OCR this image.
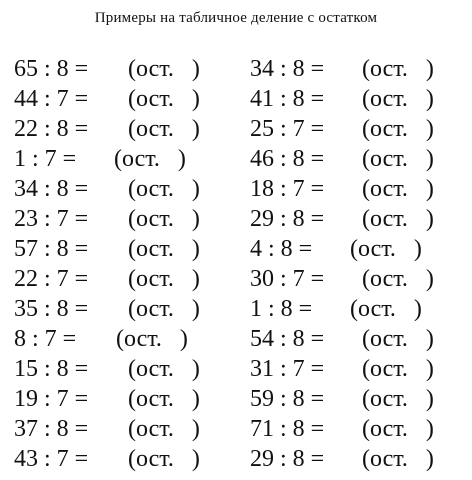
Примеры на табличное деление с остатком
65 : 8 = (ост.   ) 34 : 8 = (ост.   )
44 : 7 = (ост.   ) 41 : 8 = (ост.   )
22 : 8 = (ост.   ) 25 : 7 = (ост.   )
1 : 7 = (ост.   )	46 : 8 = (ост.   )
34 : 8 = (ост.   ) 18 : 7 = (ост.   )
23 : 7 = (ост.   ) 29 : 8 = (ост.   )
57 : 8 = (ост.   ) 4 : 8 = (ост.   )
22 : 7 = (ост.   ) 30 : 7 = (ост.   )
35 : 8 = (ост.   ) 1 : 8 = (ост.   )
8 : 7 = (ост.   )	54 : 8 = (ост.   )
15 : 8 = (ост.   ) 31 : 7 = (ост.   )
19 : 7 = (ост.   ) 59 : 8 = (ост.   )
37 : 8 = (ост.   ) 71 : 8 = (ост.   )
43 : 7 = (ост.   ) 29 : 8 = (ост.   )
